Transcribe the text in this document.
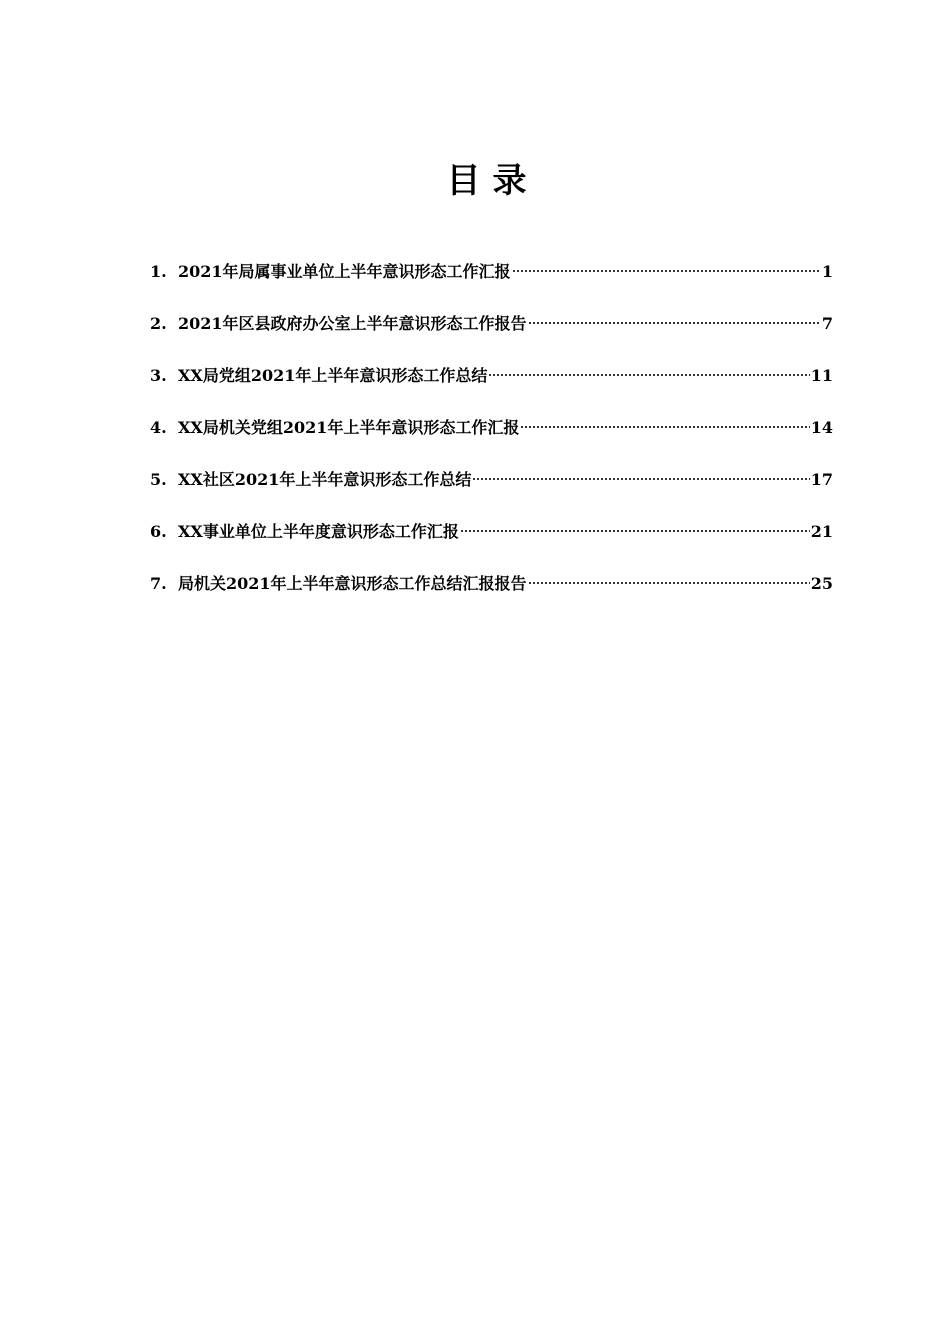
目录
1. 2021年局属事业单位上半年意识形态工作汇报	1
2. 2021年区县政府办公室上半年意识形态工作报告	7
3. XX局党组2021年上半年意识形态工作总结	11
4. XX局机关党组2021年上半年意识形态工作汇报	14
5. XX社区2021年上半年意识形态工作总结	17
6. XX事业单位上半年度意识形态工作汇报	21
7. 局机关2021年上半年意识形态工作总结汇报报告	25
